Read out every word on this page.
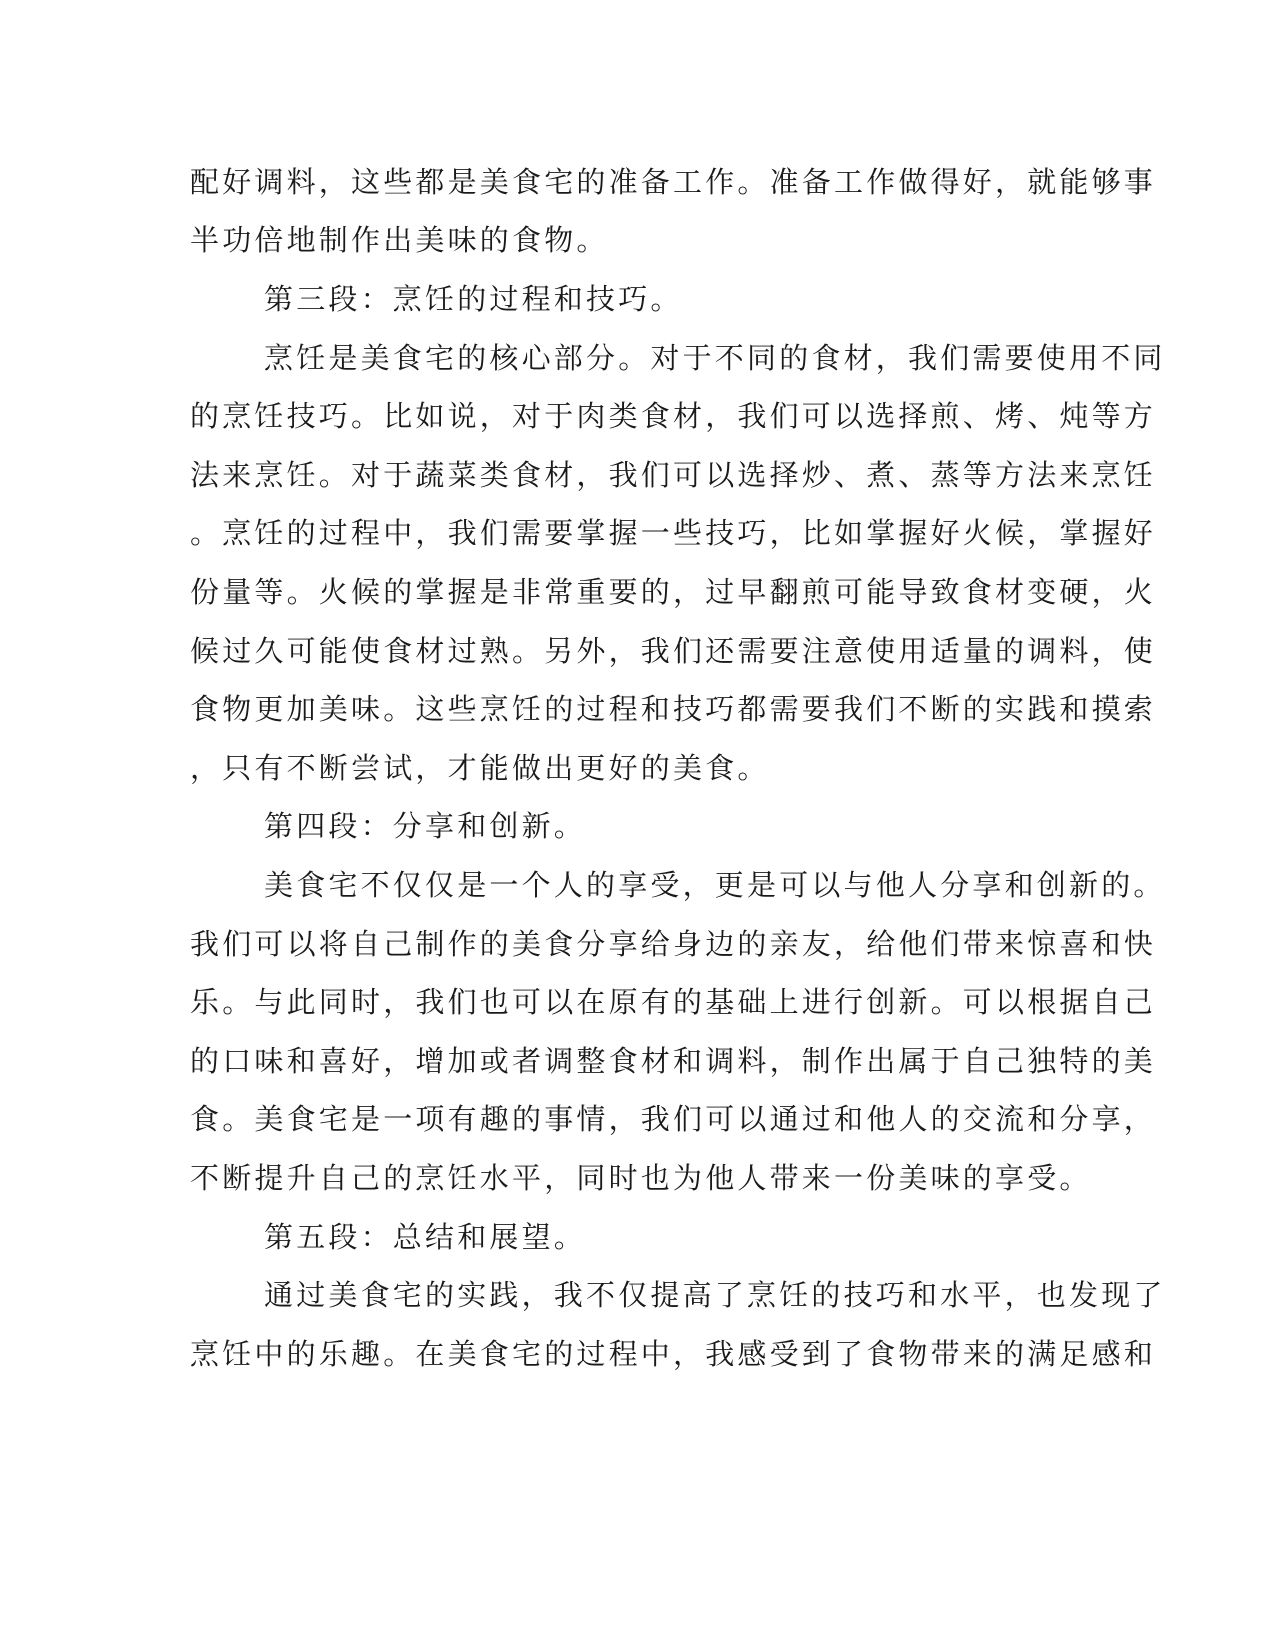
配好调料，这些都是美食宅的准备工作。准备工作做得好，就能够事
半功倍地制作出美味的食物。
第三段：烹饪的过程和技巧。
烹饪是美食宅的核心部分。对于不同的食材，我们需要使用不同
的烹饪技巧。比如说，对于肉类食材，我们可以选择煎、烤、炖等方
法来烹饪。对于蔬菜类食材，我们可以选择炒、煮、蒸等方法来烹饪
。烹饪的过程中，我们需要掌握一些技巧，比如掌握好火候，掌握好
份量等。火候的掌握是非常重要的，过早翻煎可能导致食材变硬，火
候过久可能使食材过熟。另外，我们还需要注意使用适量的调料，使
食物更加美味。这些烹饪的过程和技巧都需要我们不断的实践和摸索
，只有不断尝试，才能做出更好的美食。
第四段：分享和创新。
美食宅不仅仅是一个人的享受，更是可以与他人分享和创新的。
我们可以将自己制作的美食分享给身边的亲友，给他们带来惊喜和快
乐。与此同时，我们也可以在原有的基础上进行创新。可以根据自己
的口味和喜好，增加或者调整食材和调料，制作出属于自己独特的美
食。美食宅是一项有趣的事情，我们可以通过和他人的交流和分享，
不断提升自己的烹饪水平，同时也为他人带来一份美味的享受。
第五段：总结和展望。
通过美食宅的实践，我不仅提高了烹饪的技巧和水平，也发现了
烹饪中的乐趣。在美食宅的过程中，我感受到了食物带来的满足感和
